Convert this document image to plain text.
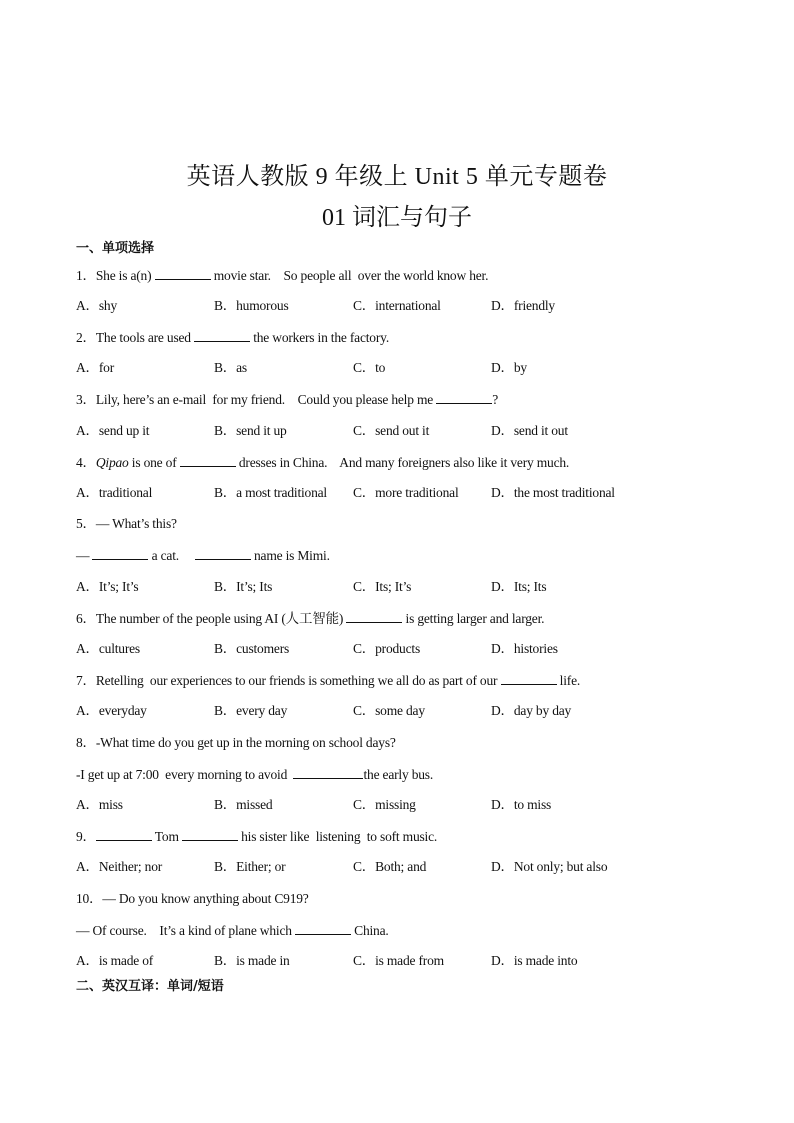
英语人教版 9 年级上 Unit 5 单元专题卷
01 词汇与句子
一、单项选择
1．She is a(n)	movie star.    So people all  over the world know her.
A．shy	B．humorous	C．international	D．friendly
2．The tools are used	the workers in the factory.
A．for	B．as	C．to	D．by
3．Lily, here’s an e-mail  for my friend.    Could you please help me	?
A．send up it	B．send it up	C．send out it	D．send it out
4．Qipao is one of	dresses in China.    And many foreigners also like it very much.
A．traditional	B．a most traditional C．more traditional D．the most traditional
5．— What’s this?
—	a cat.	name is Mimi.
A．It’s; It’s	B．It’s; Its	C．Its; It’s	D．Its; Its
6．The number of the people using AI (人工智能)	is getting larger and larger.
A．cultures	B．customers	C．products	D．histories
7．Retelling  our experiences to our friends is something we all do as part of our	life.
A．everyday	B．every day	C．some day	D．day by day
8．-What time do you get up in the morning on school days?
-I get up at 7:00  every morning to avoid	the early bus.
A．miss	B．missed	C．missing	D．to miss
9．	Tom	his sister like  listening  to soft music.
A．Neither; nor	B．Either; or	C．Both; and	D．Not only; but also
10．— Do you know anything about C919?
— Of course.    It’s a kind of plane which	China.
A．is made of	B．is made in	C．is made from	D．is made into
二、英汉互译：单词/短语
